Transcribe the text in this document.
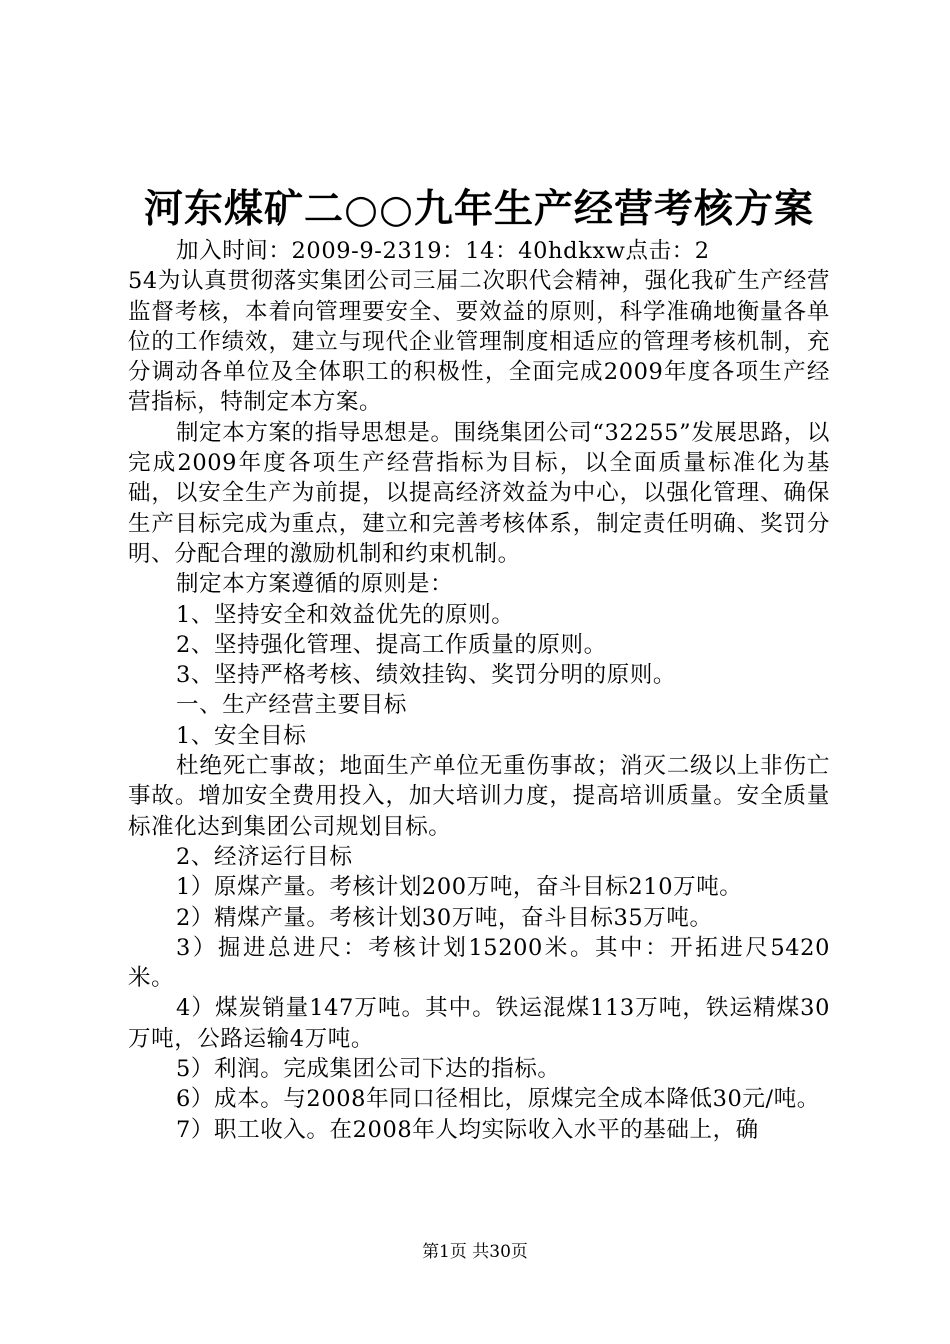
河东煤矿二○○九年生产经营考核方案

加入时间：2009-9-2319：14：40hdkxw点击：2

54为认真贯彻落实集团公司三届二次职代会精神，强化我矿生产经营监督考核，本着向管理要安全、要效益的原则，科学准确地衡量各单位的工作绩效，建立与现代企业管理制度相适应的管理考核机制，充分调动各单位及全体职工的积极性，全面完成2009年度各项生产经营指标，特制定本方案。

制定本方案的指导思想是。围绕集团公司“32255”发展思路，以完成2009年度各项生产经营指标为目标，以全面质量标准化为基础，以安全生产为前提，以提高经济效益为中心，以强化管理、确保生产目标完成为重点，建立和完善考核体系，制定责任明确、奖罚分明、分配合理的激励机制和约束机制。

制定本方案遵循的原则是：

1、坚持安全和效益优先的原则。

2、坚持强化管理、提高工作质量的原则。

3、坚持严格考核、绩效挂钩、奖罚分明的原则。

一、生产经营主要目标

1、安全目标

杜绝死亡事故；地面生产单位无重伤事故；消灭二级以上非伤亡事故。增加安全费用投入，加大培训力度，提高培训质量。安全质量标准化达到集团公司规划目标。

2、经济运行目标

1）原煤产量。考核计划200万吨，奋斗目标210万吨。

2）精煤产量。考核计划30万吨，奋斗目标35万吨。

3）掘进总进尺：考核计划15200米。其中：开拓进尺5420米。

4）煤炭销量147万吨。其中。铁运混煤113万吨，铁运精煤30万吨，公路运输4万吨。

5）利润。完成集团公司下达的指标。

6）成本。与2008年同口径相比，原煤完全成本降低30元/吨。

7）职工收入。在2008年人均实际收入水平的基础上，确

第1页 共30页
